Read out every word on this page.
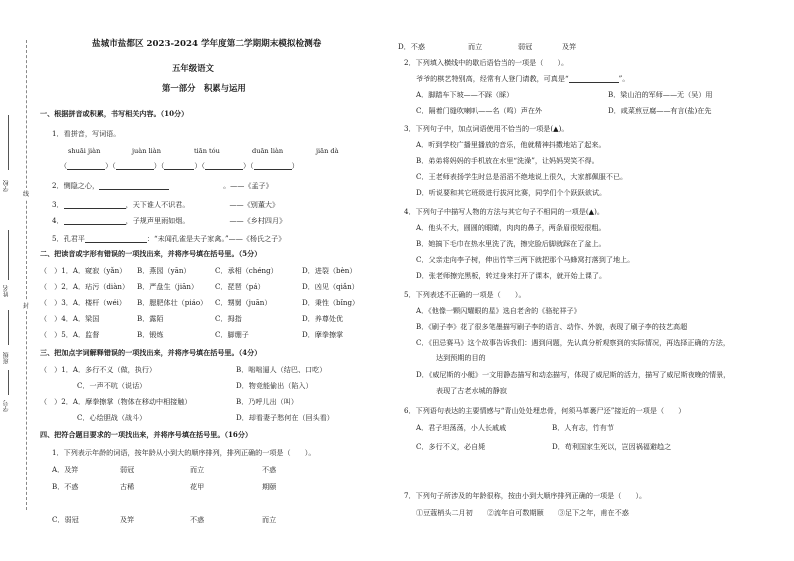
学校
姓名
班级
学号
线
封
盐城市盐都区 2023-2024 学年度第二学期期末模拟检测卷
五年级语文
第一部分　积累与运用
一、根据拼音或积累，书写相关内容。（10分）
1．看拼音，写词语。
shuāi jiàn	juàn liàn	tiān tóu	duān liàn	jiān dà
（	）（	）（	）（	）（	）
2．恻隐之心，	。——《孟子》
3．	，天下谁人不识君。	——《别董大》
4．	，子规声里雨如烟。	——《乡村四月》
5．孔君平	：“未闻孔雀是夫子家禽。”——《杨氏之子》
二、把读音或字形有错误的一项找出来，并将序号填在括号里。（5分）
（　）1．A．窥寂（yǎn） B．燕园（yān）	C．承相（chéng）	D．进裂（bèn）
（　）2．A．玷污（diàn） B．严盘生（jiān） C．琵琶（pá）	D．凶见（qiǎn）
（　）3．A．楼杆（wéi） B．腮肥体壮（piáo） C．甥舅（juān）	D．秉性（bǐng）
（　）4．A．梁国	B．露陌	C．拇指	D．养尊处优
（　）5．A．监督	B．锻炼	C．脚绷子	D．摩拳擦掌
三、把加点字词解释错误的一项找出来，并将序号填在括号里。（4分）
（　）1．A．多行不义（做，执行）	B．咄咄逼人（结巴、口吃）
C．一声不吭（说话）	D．物竞能偷出（陷入）
（　）2．A．摩拳擦掌（物体在移动中相接触）	B．乃呼儿出（叫）
C．心绘胆战（战斗）	D．却看妻子愁何在（回头看）
四、把符合题目要求的一项找出来，并将序号填在括号里。（16分）
1．下列表示年龄的词语，按年龄从小到大的顺序排列，排列正确的一项是（　　）。
A．及笄	弱冠	而立	不惑
B．不惑	古稀	花甲	期颐
C．弱冠	及笄	不惑	而立
D．不惑	而立	弱冠	及笄
2．下列填入横线中的歇后语恰当的一项是（　　）。
爷爷的棋艺特别高，经常有人登门请教，可真是“	”。
A．脚踏车下坡——不踩（睬）	B．梁山泊的军师——无（吴）用
C．隔着门缝吹喇叭——名（鸣）声在外	D．咸菜煎豆腐——有言(盐)在先
3．下列句子中，加点词语使用不恰当的一项是(▲)。
A．听到学校广播里播放的音乐，他就精神抖擞地站了起来。
B．弟弟将妈妈的手机放在水里“洗澡”，让妈妈哭笑不得。
C．王老师表扬学生时总是滔滔不绝地说上很久，大家都佩服不已。
D．听说要和其它班级进行拔河比赛，同学们个个跃跃欲试。
4．下列句子中描写人物的方法与其它句子不相同的一项是(▲)。
A．他头不大，圆圆的眼睛，肉肉的鼻子，两条眉很短很粗。
B．她搞下毛巾在热水里洗了洗，擦完脸后脚就踩在了盆上。
C．父亲走向李子树，伸出竹竿三两下就把那个马蜂窝打落到了地上。
D．张老师擦完黑板，转过身来打开了课本，就开始上课了。
5．下列表述不正确的一项是（　　）。
A．《他像一颗闪耀眼的星》选自老舍的《骆驼祥子》
B．《刷子李》花了很多笔墨描写刷子李的语言、动作、外貌，表现了刷子李的技艺高超
C．《田忌赛马》这个故事告诉我们：遇到问题，先认真分析观察到的实际情况，再选择正确的方法，
达到预期的目的
D．《威尼斯的小艇》一文用静态描写和动态描写，体现了威尼斯的活力，描写了威尼斯夜晚的情景，
表现了古老水城的静寂
6．下列语句表达的主要情感与“青山处处埋忠骨，何须马革裹尸还”接近的一项是（　　）
A．君子坦荡荡，小人长戚戚	B．人有志，竹有节
C．多行不义，必自毙	D．苟利国家生死以，岂因祸福避趋之
7．下列句子所涉及的年龄很称，按由小到大顺序排列正确的一项是（　　）。
①豆蔻梢头二月初　　②流年自可数期颐　　③足下之年，甫在不惑
